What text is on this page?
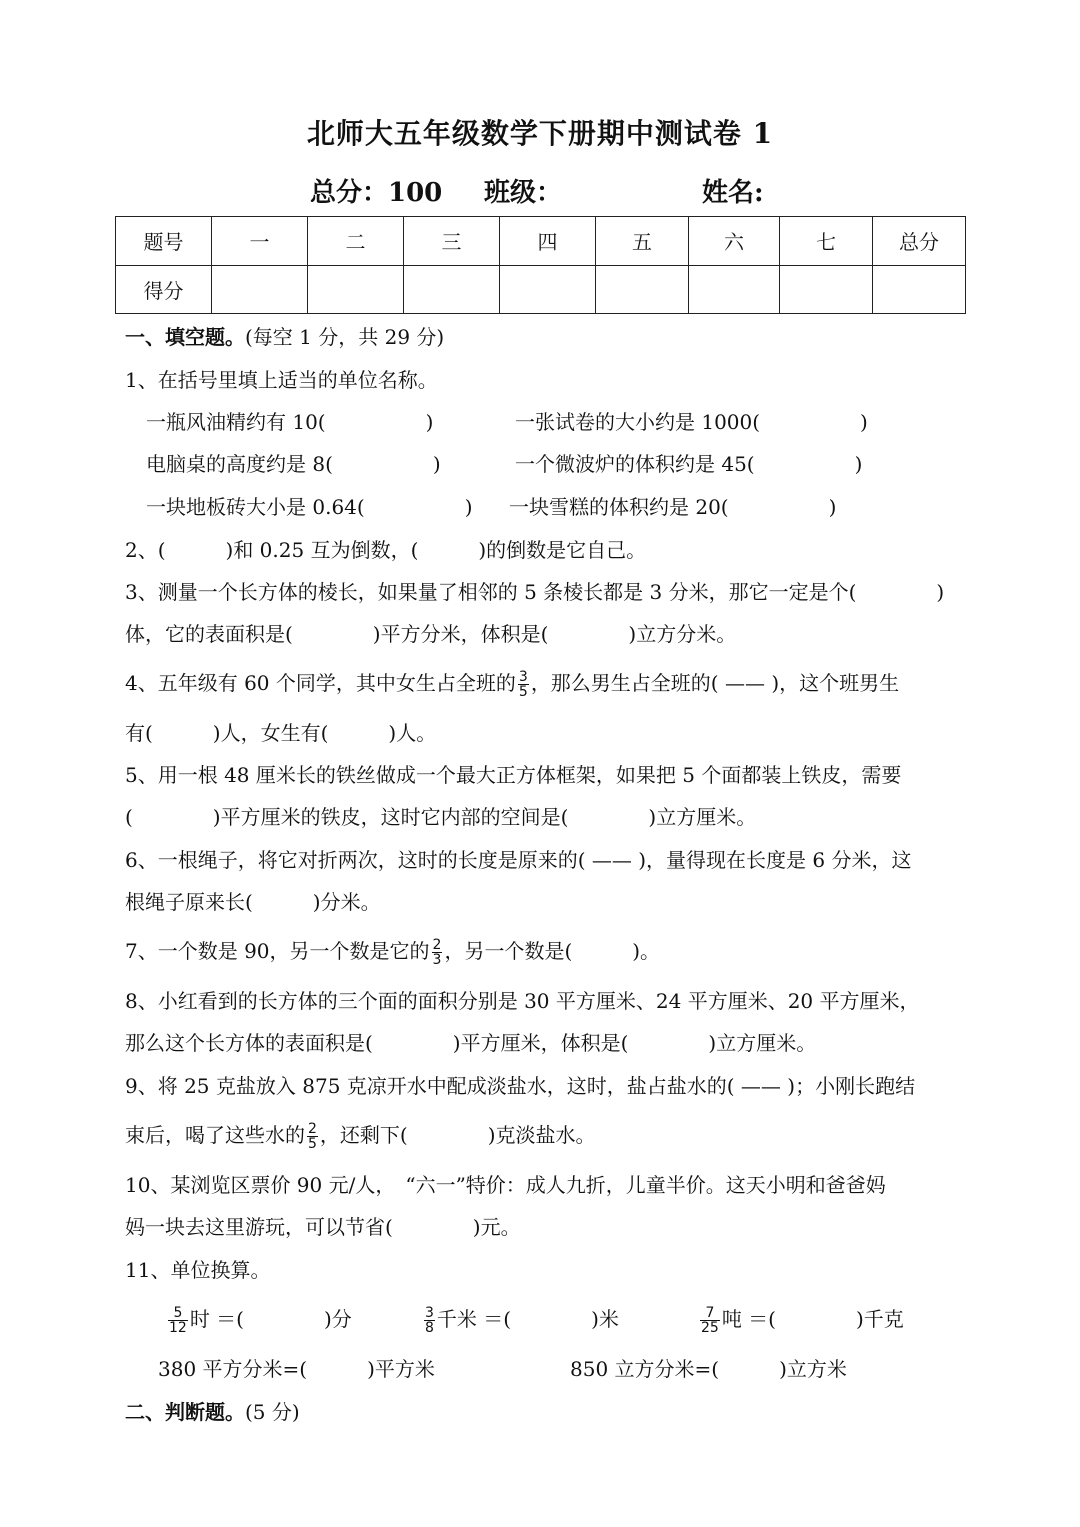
北师大五年级数学下册期中测试卷 1
总分：100 班级：	姓名:
题号	一	二	三	四	五	六	七	总分
得分								
一、填空题。(每空 1 分，共 29 分)
1、在括号里填上适当的单位名称。
一瓶风油精约有 10(　　　　　)	一张试卷的大小约是 1000(　　　　　)
电脑桌的高度约是 8(　　　　　)	一个微波炉的体积约是 45(　　　　　)
一块地板砖大小是 0.64(　　　　　) 一块雪糕的体积约是 20(　　　　　)
2、(　　　)和 0.25 互为倒数，(　　　)的倒数是它自己。
3、测量一个长方体的棱长，如果量了相邻的 5 条棱长都是 3 分米，那它一定是个(　　　　)
体，它的表面积是(　　　　)平方分米，体积是(　　　　)立方分米。
4、五年级有 60 个同学，其中女生占全班的 $\frac{3}{5}$ ，那么男生占全班的( —— )，这个班男生
有(　　　)人，女生有(　　　)人。
5、用一根 48 厘米长的铁丝做成一个最大正方体框架，如果把 5 个面都装上铁皮，需要
(　　　　)平方厘米的铁皮，这时它内部的空间是(　　　　)立方厘米。
6、一根绳子，将它对折两次，这时的长度是原来的( —— )，量得现在长度是 6 分米，这
根绳子原来长(　　　)分米。
7、一个数是 90，另一个数是它的 $\frac{2}{3}$ ，另一个数是(　　　)。
8、小红看到的长方体的三个面的面积分别是 30 平方厘米、24 平方厘米、20 平方厘米，
那么这个长方体的表面积是(　　　　)平方厘米，体积是(　　　　)立方厘米。
9、将 25 克盐放入 875 克凉开水中配成淡盐水，这时，盐占盐水的( —— )；小刚长跑结
束后，喝了这些水的 $\frac{2}{5}$ ，还剩下(　　　　)克淡盐水。
10、某浏览区票价 90 元/人，　“六一”特价：成人九折，儿童半价。这天小明和爸爸妈
妈一块去这里游玩，可以节省(　　　　)元。
11、单位换算。
$\frac{5}{12}$ 时 ＝(　　　　)分	$\frac{3}{8}$ 千米 ＝(　　　　)米	$\frac{7}{25}$ 吨 ＝(　　　　)千克
380 平方分米=(　　　)平方米	850 立方分米=(　　　)立方米
二、判断题。(5 分)
